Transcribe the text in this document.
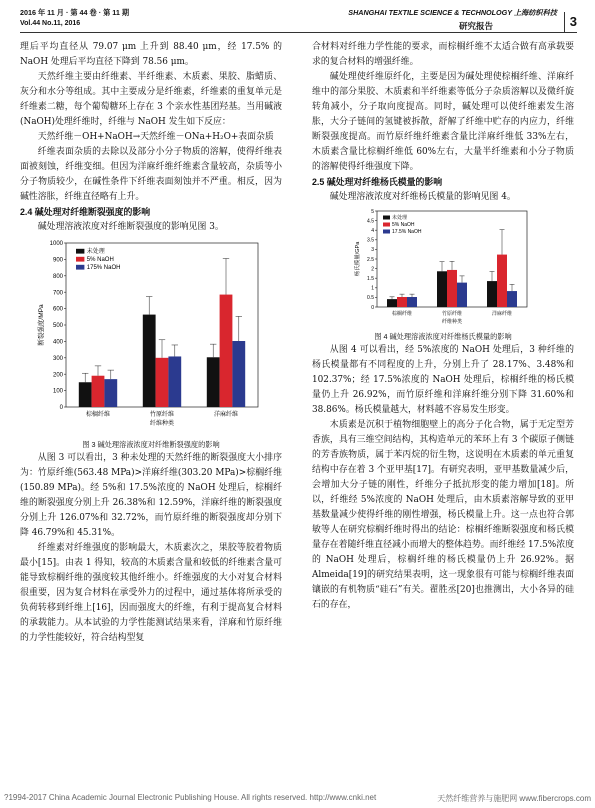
2016 年 11 月 · 第 44 卷 · 第 11 期
Vol.44 No.11, 2016
SHANGHAI TEXTILE SCIENCE & TECHNOLOGY 上海纺织科技
研究报告	3

理后平均直径从 79.07 μm 上升到 88.40 μm，经 17.5% 的 NaOH 处理后平均直径下降到 78.56 μm。

天然纤维主要由纤维素、半纤维素、木质素、果胶、脂蜡质、灰分和水分等组成。其中主要成分是纤维素，纤维素的重复单元是纤维素二糖，每个葡萄糖环上存在 3 个亲水性基团羟基。当用碱液(NaOH)处理纤维时，纤维与 NaOH 发生如下反应：

天然纤维－OH+NaOH→天然纤维－ONa+H₂O+表面杂质

纤维表面杂质的去除以及部分小分子物质的溶解，使得纤维表面被刻蚀，纤维变细。但因为洋麻纤维纤维素含量较高，杂质等小分子物质较少，在碱性条件下纤维表面刻蚀并不严重。相反，因为碱性溶胀，纤维直径略有上升。

2.4 碱处理对纤维断裂强度的影响

碱处理溶液浓度对纤维断裂强度的影响见图 3。

0
100
200
300
400
500
600
700
800
900
1000
断裂强度/MPa
棕榈纤维	竹原纤维	洋麻纤维
纤维种类
未处理
5% NaOH
175% NaOH
图 3 碱处理溶液浓度对纤维断裂强度的影响

从图 3 可以看出，3 种未处理的天然纤维的断裂强度大小排序为：竹原纤维(563.48 MPa)>洋麻纤维(303.20 MPa)>棕榈纤维(150.89 MPa)。经 5%和 17.5%浓度的 NaOH 处理后，棕榈纤维的断裂强度分别上升 26.38%和 12.59%，洋麻纤维的断裂强度分别上升 126.07%和 32.72%，而竹原纤维的断裂强度却分别下降 46.79%和 45.31%。

纤维素对纤维强度的影响最大，木质素次之，果胶等胶着物质最小[15]。由表 1 得知，较高的木质素含量和较低的纤维素含量可能导致棕榈纤维的强度较其他纤维小。纤维强度的大小对复合材料很重要，因为复合材料在承受外力的过程中，通过基体将所承受的负荷转移到纤维上[16]，因而强度大的纤维，有利于提高复合材料的承载能力。从本试验的力学性能测试结果来看，洋麻和竹原纤维的力学性能较好，符合结构型复

合材料对纤维力学性能的要求，而棕榈纤维不太适合做有高承载要求的复合材料的增强纤维。

碱处理使纤维原纤化，主要是因为碱处理使棕榈纤维、洋麻纤维中的部分果胶、木质素和半纤维素等低分子杂质溶解以及微纤旋转角减小，分子取向度提高。同时，碱处理可以使纤维素发生溶胀，大分子链间的氢键被拆散，舒解了纤维中贮存的内应力，纤维断裂强度提高。而竹原纤维纤维素含量比洋麻纤维低 33%左右，木质素含量比棕榈纤维低 60%左右，大量半纤维素和小分子物质的溶解使得纤维强度下降。

2.5 碱处理对纤维杨氏模量的影响

碱处理溶液浓度对纤维杨氏模量的影响见图 4。

0
0.5
1
1.5
2
2.5
3
3.5
4
4.5
5
杨氏模量/GPa
棕榈纤维	竹原纤维	洋麻纤维
纤维种类
未处理
5% NaOH
17.5% NaOH
图 4 碱处理溶液浓度对纤维杨氏模量的影响

从图 4 可以看出，经 5%浓度的 NaOH 处理后，3 种纤维的杨氏模量都有不同程度的上升，分别上升了 28.17%、3.48%和 102.37%；经 17.5%浓度的 NaOH 处理后，棕榈纤维的杨氏模量仍上升 26.92%，而竹原纤维和洋麻纤维分别下降 31.60%和 38.86%。杨氏模量越大，材料越不容易发生形变。

木质素是沉积于植物细胞壁上的高分子化合物，属于无定型芳香族，具有三维空间结构，其构造单元的苯环上有 3 个碳原子侧链的芳香族物质，属于苯丙烷的衍生物，这说明在木质素的单元重复结构中存在着 3 个亚甲基[17]。有研究表明，亚甲基数量减少后，会增加大分子链的刚性，纤维分子抵抗形变的能力增加[18]。所以，纤维经 5%浓度的 NaOH 处理后，由木质素溶解导致的亚甲基数量减少使得纤维的刚性增强，杨氏模量上升。这一点也符合郭敏等人在研究棕榈纤维时得出的结论：棕榈纤维断裂强度和杨氏模量存在着随纤维直径减小而增大的整体趋势。而纤维经 17.5%浓度的 NaOH 处理后，棕榈纤维的杨氏模量仍上升 26.92%。据 Almeida[19]的研究结果表明，这一现象很有可能与棕榈纤维表面镶嵌的有机物质“硅石”有关。翟胜丞[20]也推测出，大小各异的硅石的存在，

?1994-2017 China Academic Journal Electronic Publishing House. All rights reserved. http://www.cnki.net	天然纤维营养与施肥网 www.fibercrops.com
